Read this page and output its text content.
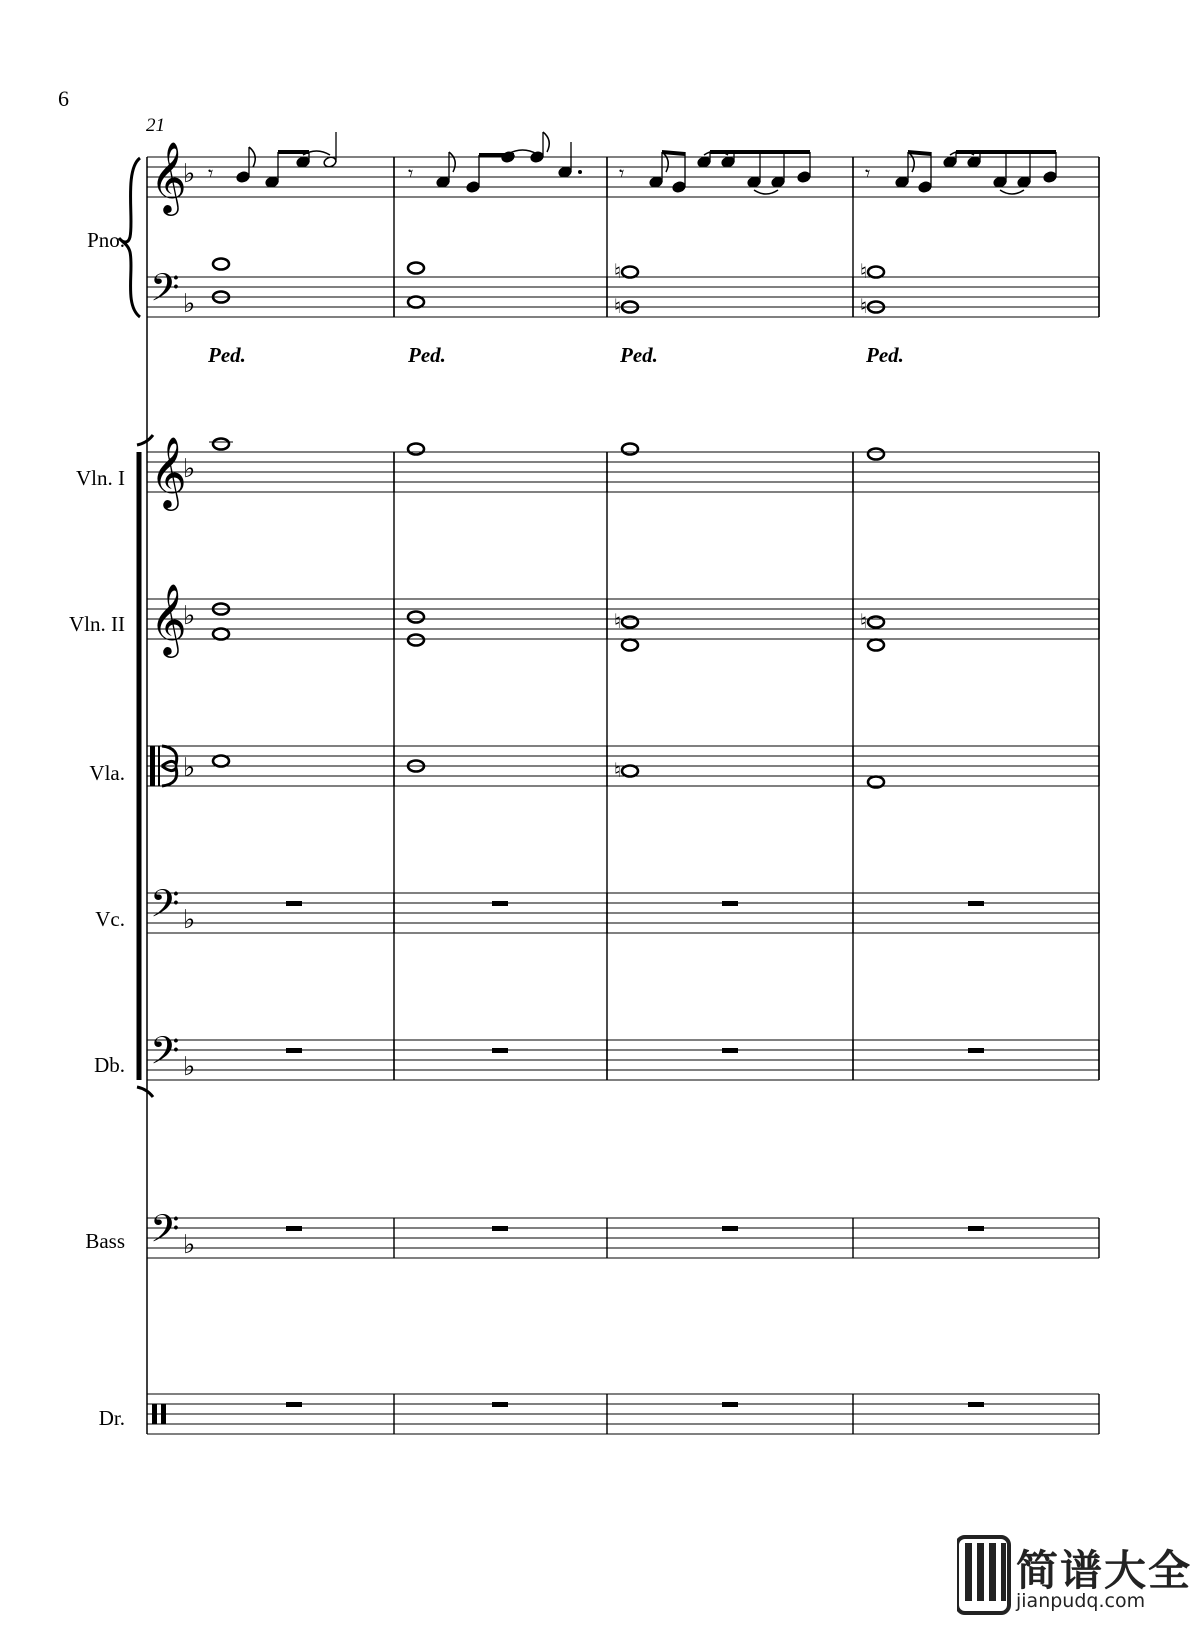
𝄞
♭
𝄢 ♭
𝄞
♭
𝄞
♭
♭
𝄢 ♭
𝄢 ♭
𝄢 ♭
𝄾	𝄾	𝄾	𝄾
♮
♮
♮
♮
♮	♮
♮
6
21
Pno.
Vln. I
Vln. II
Vla.
Vc.
Db.
Bass
Dr.
Ped.	Ped.	Ped.	Ped.
简谱大全
jianpudq.com
